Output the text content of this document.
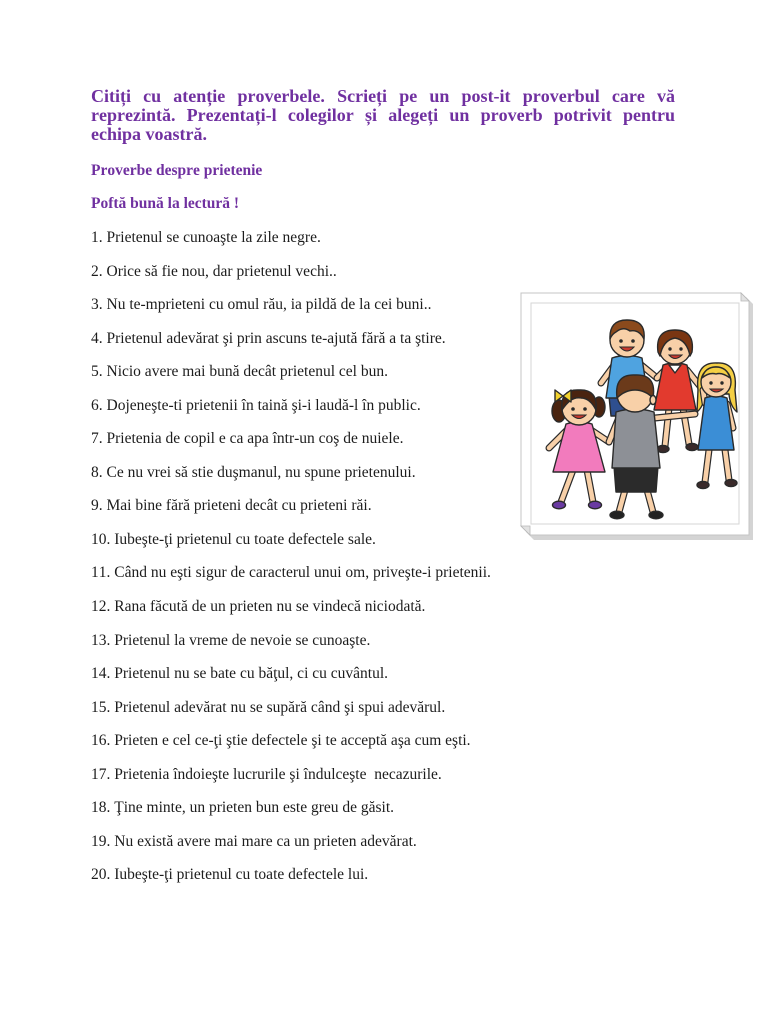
Citiți cu atenție proverbele. Scrieți pe un post-it proverbul care vă reprezintă. Prezentați-l colegilor și alegeți un proverb potrivit pentru echipa voastră.

Proverbe despre prietenie

Poftă bună la lectură !

1. Prietenul se cunoaşte la zile negre.
2. Orice să fie nou, dar prietenul vechi..
3. Nu te-mprieteni cu omul rău, ia pildă de la cei buni..
4. Prietenul adevărat şi prin ascuns te-ajută fără a ta ştire.
5. Nicio avere mai bună decât prietenul cel bun.
6. Dojeneşte-ti prietenii în taină şi-i laudă-l în public.
7. Prietenia de copil e ca apa într-un coş de nuiele.
8. Ce nu vrei să stie duşmanul, nu spune prietenului.
9. Mai bine fără prieteni decât cu prieteni răi.
10. Iubeşte-ţi prietenul cu toate defectele sale.
11. Când nu eşti sigur de caracterul unui om, priveşte-i prietenii.
12. Rana făcută de un prieten nu se vindecă niciodată.
13. Prietenul la vreme de nevoie se cunoaşte.
14. Prietenul nu se bate cu băţul, ci cu cuvântul.
15. Prietenul adevărat nu se supără când şi spui adevărul.
16. Prieten e cel ce-ţi ştie defectele şi te acceptă aşa cum eşti.
17. Prietenia îndoieşte lucrurile şi îndulceşte  necazurile.
18. Ţine minte, un prieten bun este greu de găsit.
19. Nu există avere mai mare ca un prieten adevărat.
20. Iubeşte-ţi prietenul cu toate defectele lui.
